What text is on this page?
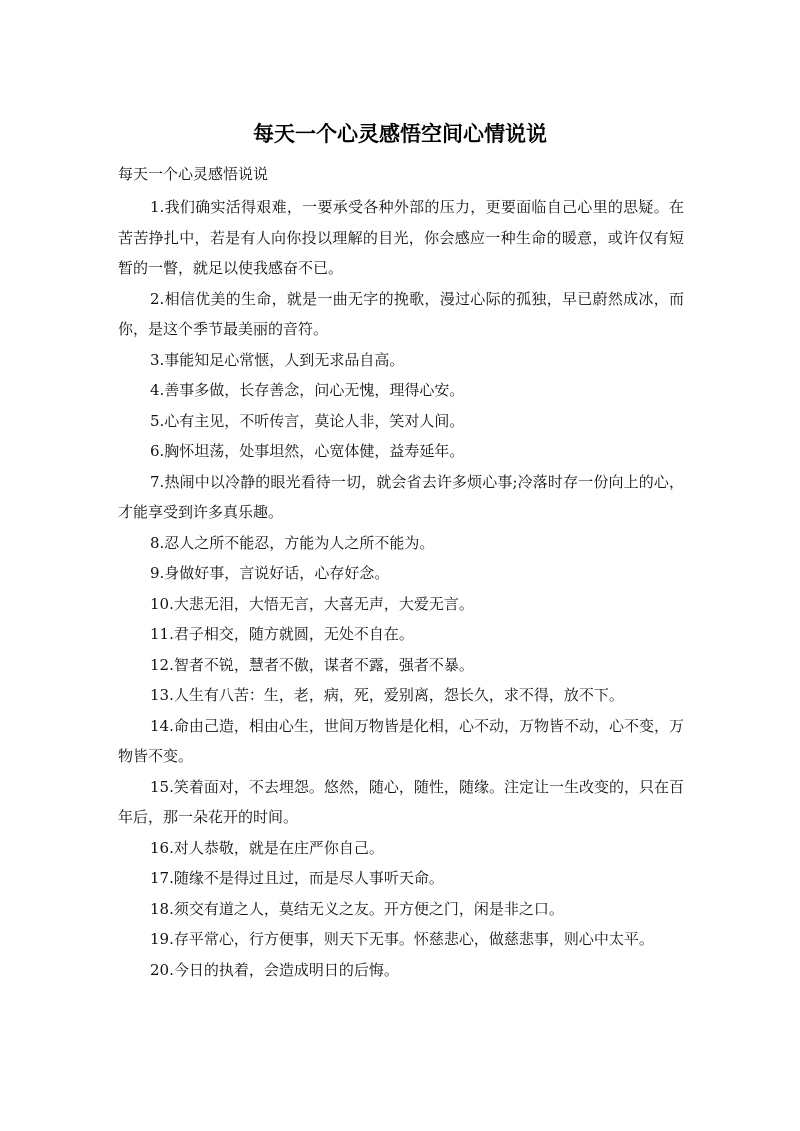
每天一个心灵感悟空间心情说说

每天一个心灵感悟说说

1.我们确实活得艰难，一要承受各种外部的压力，更要面临自己心里的思疑。在苦苦挣扎中，若是有人向你投以理解的目光，你会感应一种生命的暖意，或许仅有短暂的一瞥，就足以使我感奋不已。

2.相信优美的生命，就是一曲无字的挽歌，漫过心际的孤独，早已蔚然成冰，而你，是这个季节最美丽的音符。

3.事能知足心常惬，人到无求品自高。

4.善事多做，长存善念，问心无愧，理得心安。

5.心有主见，不听传言，莫论人非，笑对人间。

6.胸怀坦荡，处事坦然，心宽体健，益寿延年。

7.热闹中以冷静的眼光看待一切，就会省去许多烦心事;冷落时存一份向上的心，才能享受到许多真乐趣。

8.忍人之所不能忍，方能为人之所不能为。

9.身做好事，言说好话，心存好念。

10.大悲无泪，大悟无言，大喜无声，大爱无言。

11.君子相交，随方就圆，无处不自在。

12.智者不锐，慧者不傲，谋者不露，强者不暴。

13.人生有八苦：生，老，病，死，爱别离，怨长久，求不得，放不下。

14.命由己造，相由心生，世间万物皆是化相，心不动，万物皆不动，心不变，万物皆不变。

15.笑着面对，不去埋怨。悠然，随心，随性，随缘。注定让一生改变的，只在百年后，那一朵花开的时间。

16.对人恭敬，就是在庄严你自己。

17.随缘不是得过且过，而是尽人事听天命。

18.须交有道之人，莫结无义之友。开方便之门，闲是非之口。

19.存平常心，行方便事，则天下无事。怀慈悲心，做慈悲事，则心中太平。

20.今日的执着，会造成明日的后悔。
